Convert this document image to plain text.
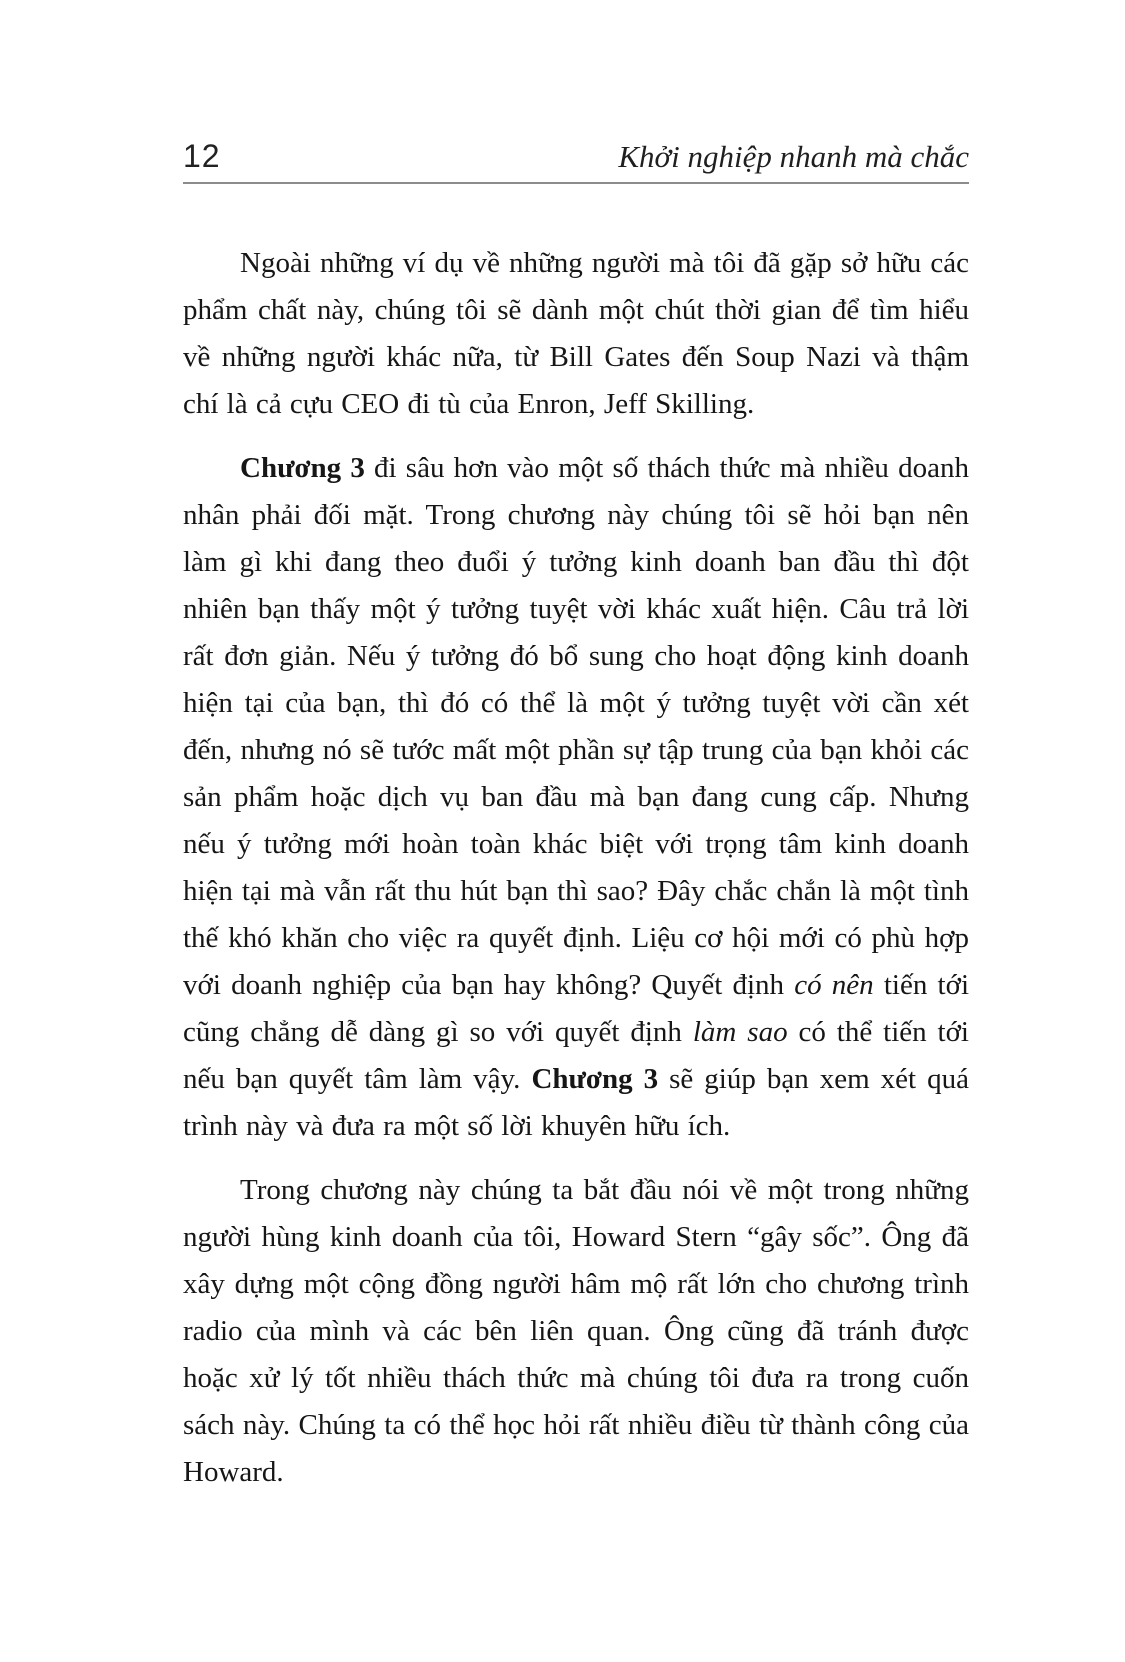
12	Khởi nghiệp nhanh mà chắc

Ngoài những ví dụ về những người mà tôi đã gặp sở hữu các phẩm chất này, chúng tôi sẽ dành một chút thời gian để tìm hiểu về những người khác nữa, từ Bill Gates đến Soup Nazi và thậm chí là cả cựu CEO đi tù của Enron, Jeff Skilling.

Chương 3 đi sâu hơn vào một số thách thức mà nhiều doanh nhân phải đối mặt. Trong chương này chúng tôi sẽ hỏi bạn nên làm gì khi đang theo đuổi ý tưởng kinh doanh ban đầu thì đột nhiên bạn thấy một ý tưởng tuyệt vời khác xuất hiện. Câu trả lời rất đơn giản. Nếu ý tưởng đó bổ sung cho hoạt động kinh doanh hiện tại của bạn, thì đó có thể là một ý tưởng tuyệt vời cần xét đến, nhưng nó sẽ tước mất một phần sự tập trung của bạn khỏi các sản phẩm hoặc dịch vụ ban đầu mà bạn đang cung cấp. Nhưng nếu ý tưởng mới hoàn toàn khác biệt với trọng tâm kinh doanh hiện tại mà vẫn rất thu hút bạn thì sao? Đây chắc chắn là một tình thế khó khăn cho việc ra quyết định. Liệu cơ hội mới có phù hợp với doanh nghiệp của bạn hay không? Quyết định có nên tiến tới cũng chẳng dễ dàng gì so với quyết định làm sao có thể tiến tới nếu bạn quyết tâm làm vậy. Chương 3 sẽ giúp bạn xem xét quá trình này và đưa ra một số lời khuyên hữu ích.

Trong chương này chúng ta bắt đầu nói về một trong những người hùng kinh doanh của tôi, Howard Stern “gây sốc”. Ông đã xây dựng một cộng đồng người hâm mộ rất lớn cho chương trình radio của mình và các bên liên quan. Ông cũng đã tránh được hoặc xử lý tốt nhiều thách thức mà chúng tôi đưa ra trong cuốn sách này. Chúng ta có thể học hỏi rất nhiều điều từ thành công của Howard.
